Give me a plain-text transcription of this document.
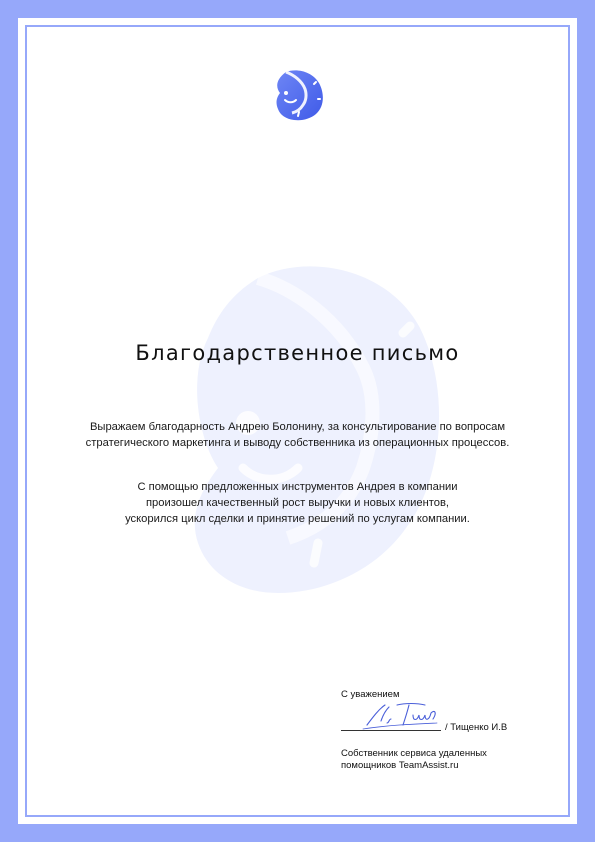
Благодарственное письмо

Выражаем благодарность Андрею Болонину, за консультирование по вопросам
стратегического маркетинга и выводу собственника из операционных процессов.

С помощью предложенных инструментов Андрея в компании
произошел качественный рост выручки и новых клиентов,
ускорился цикл сделки и принятие решений по услугам компании.

С уважением
/ Тищенко И.В
Собственник сервиса удаленных
помощников TeamAssist.ru
